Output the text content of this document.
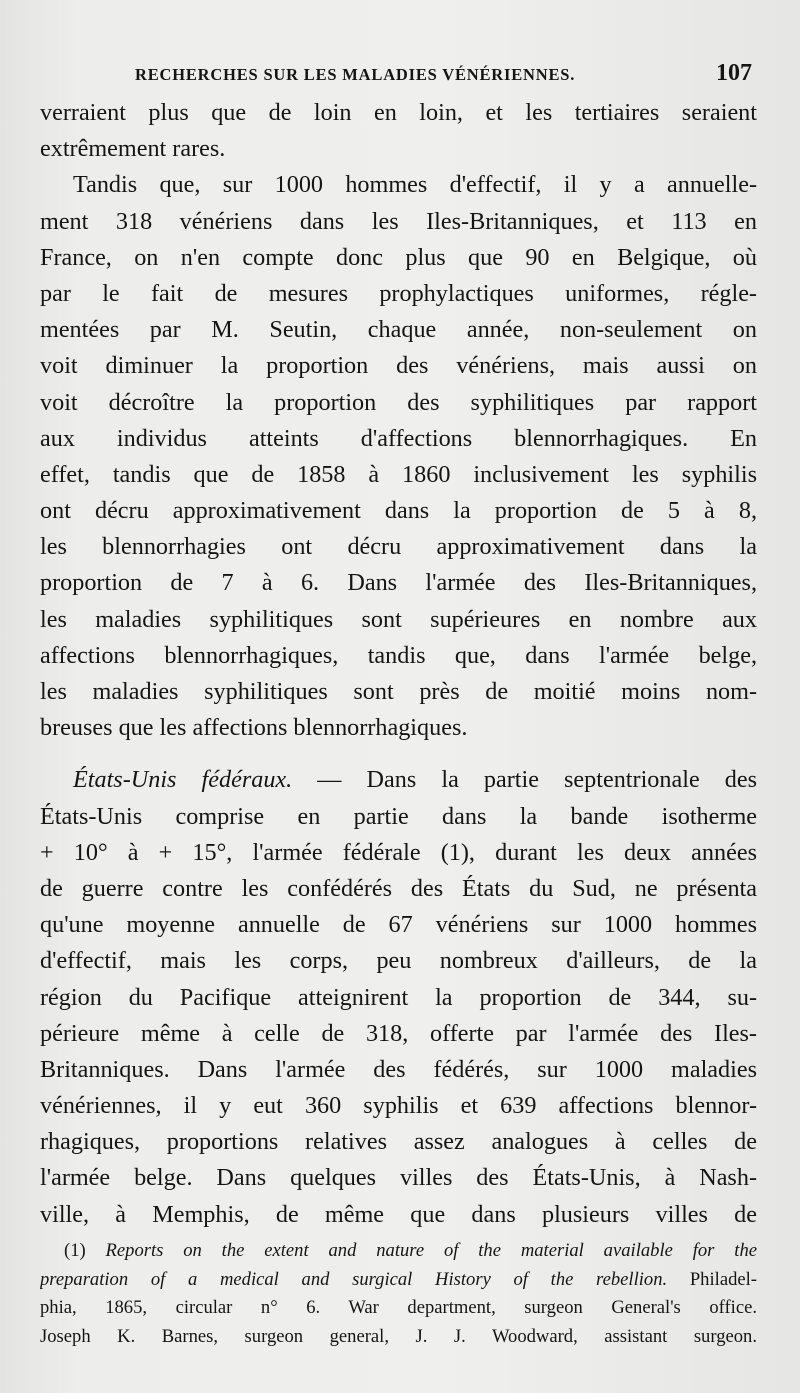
RECHERCHES SUR LES MALADIES VÉNÉRIENNES.	107
verraient plus que de loin en loin, et les tertiaires seraient
extrêmement rares.
Tandis que, sur 1000 hommes d'effectif, il y a annuelle-
ment 318 vénériens dans les Iles-Britanniques, et 113 en
France, on n'en compte donc plus que 90 en Belgique, où
par le fait de mesures prophylactiques uniformes, régle-
mentées par M. Seutin, chaque année, non-seulement on
voit diminuer la proportion des vénériens, mais aussi on
voit décroître la proportion des syphilitiques par rapport
aux individus atteints d'affections blennorrhagiques. En
effet, tandis que de 1858 à 1860 inclusivement les syphilis
ont décru approximativement dans la proportion de 5 à 8,
les blennorrhagies ont décru approximativement dans la
proportion de 7 à 6. Dans l'armée des Iles-Britanniques,
les maladies syphilitiques sont supérieures en nombre aux
affections blennorrhagiques, tandis que, dans l'armée belge,
les maladies syphilitiques sont près de moitié moins nom-
breuses que les affections blennorrhagiques.
États-Unis fédéraux. — Dans la partie septentrionale des
États-Unis comprise en partie dans la bande isotherme
+ 10° à + 15°, l'armée fédérale (1), durant les deux années
de guerre contre les confédérés des États du Sud, ne présenta
qu'une moyenne annuelle de 67 vénériens sur 1000 hommes
d'effectif, mais les corps, peu nombreux d'ailleurs, de la
région du Pacifique atteignirent la proportion de 344, su-
périeure même à celle de 318, offerte par l'armée des Iles-
Britanniques. Dans l'armée des fédérés, sur 1000 maladies
vénériennes, il y eut 360 syphilis et 639 affections blennor-
rhagiques, proportions relatives assez analogues à celles de
l'armée belge. Dans quelques villes des États-Unis, à Nash-
ville, à Memphis, de même que dans plusieurs villes de
(1) Reports on the extent and nature of the material available for the
preparation of a medical and surgical History of the rebellion. Philadel-
phia, 1865, circular n° 6. War department, surgeon General's office.
Joseph K. Barnes, surgeon general, J. J. Woodward, assistant surgeon.
